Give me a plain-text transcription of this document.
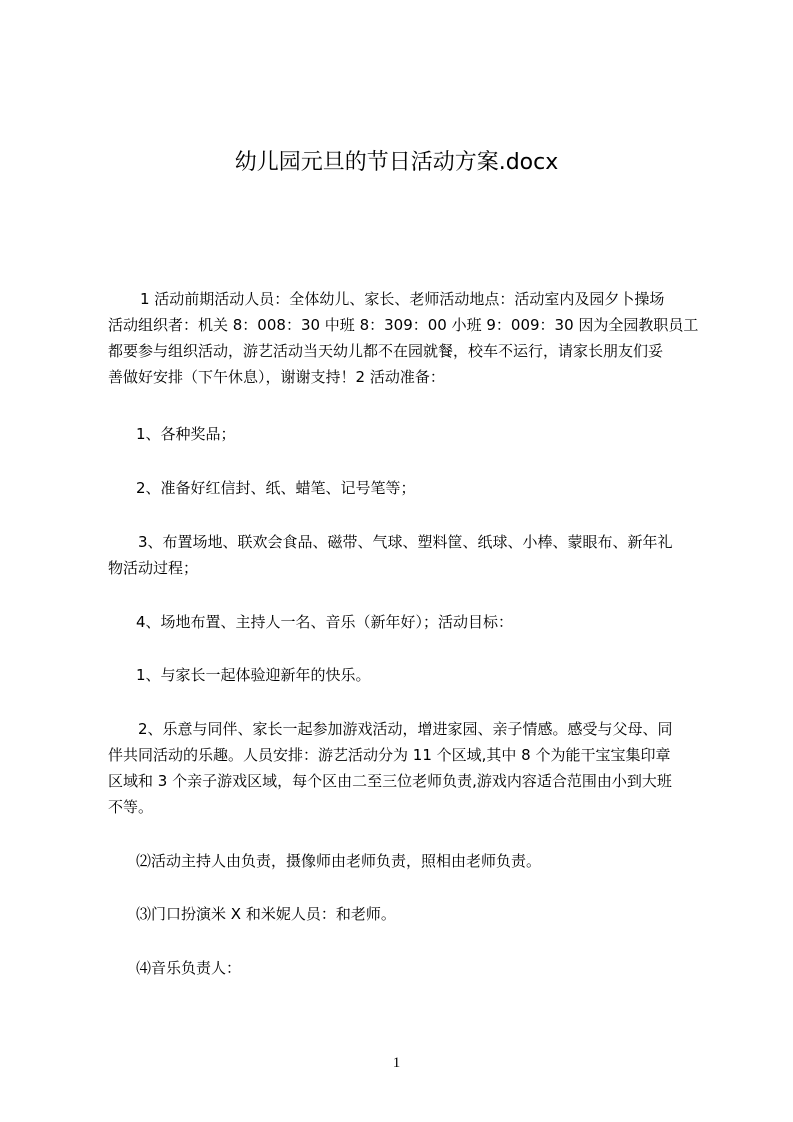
幼儿园元旦的节日活动方案.docx
1 活动前期活动人员：全体幼儿、家长、老师活动地点：活动室内及园夕卜操场
活动组织者：机关 8：008：30 中班 8：309：00 小班 9：009：30 因为全园教职员工
都要参与组织活动，游艺活动当天幼儿都不在园就餐，校车不运行，请家长朋友们妥
善做好安排（下午休息），谢谢支持！2 活动准备：
1、各种奖品；
2、准备好红信封、纸、蜡笔、记号笔等；
3、布置场地、联欢会食品、磁带、气球、塑料筐、纸球、小棒、蒙眼布、新年礼
物活动过程；
4、场地布置、主持人一名、音乐（新年好）；活动目标：
1、与家长一起体验迎新年的快乐。
2、乐意与同伴、家长一起参加游戏活动，增进家园、亲子情感。感受与父母、同
伴共同活动的乐趣。人员安排：游艺活动分为 11 个区域,其中 8 个为能干宝宝集印章
区域和 3 个亲子游戏区域，每个区由二至三位老师负责,游戏内容适合范围由小到大班
不等。
⑵活动主持人由负责，摄像师由老师负责，照相由老师负责。
⑶门口扮演米 X 和米妮人员：和老师。
⑷音乐负责人：
1
